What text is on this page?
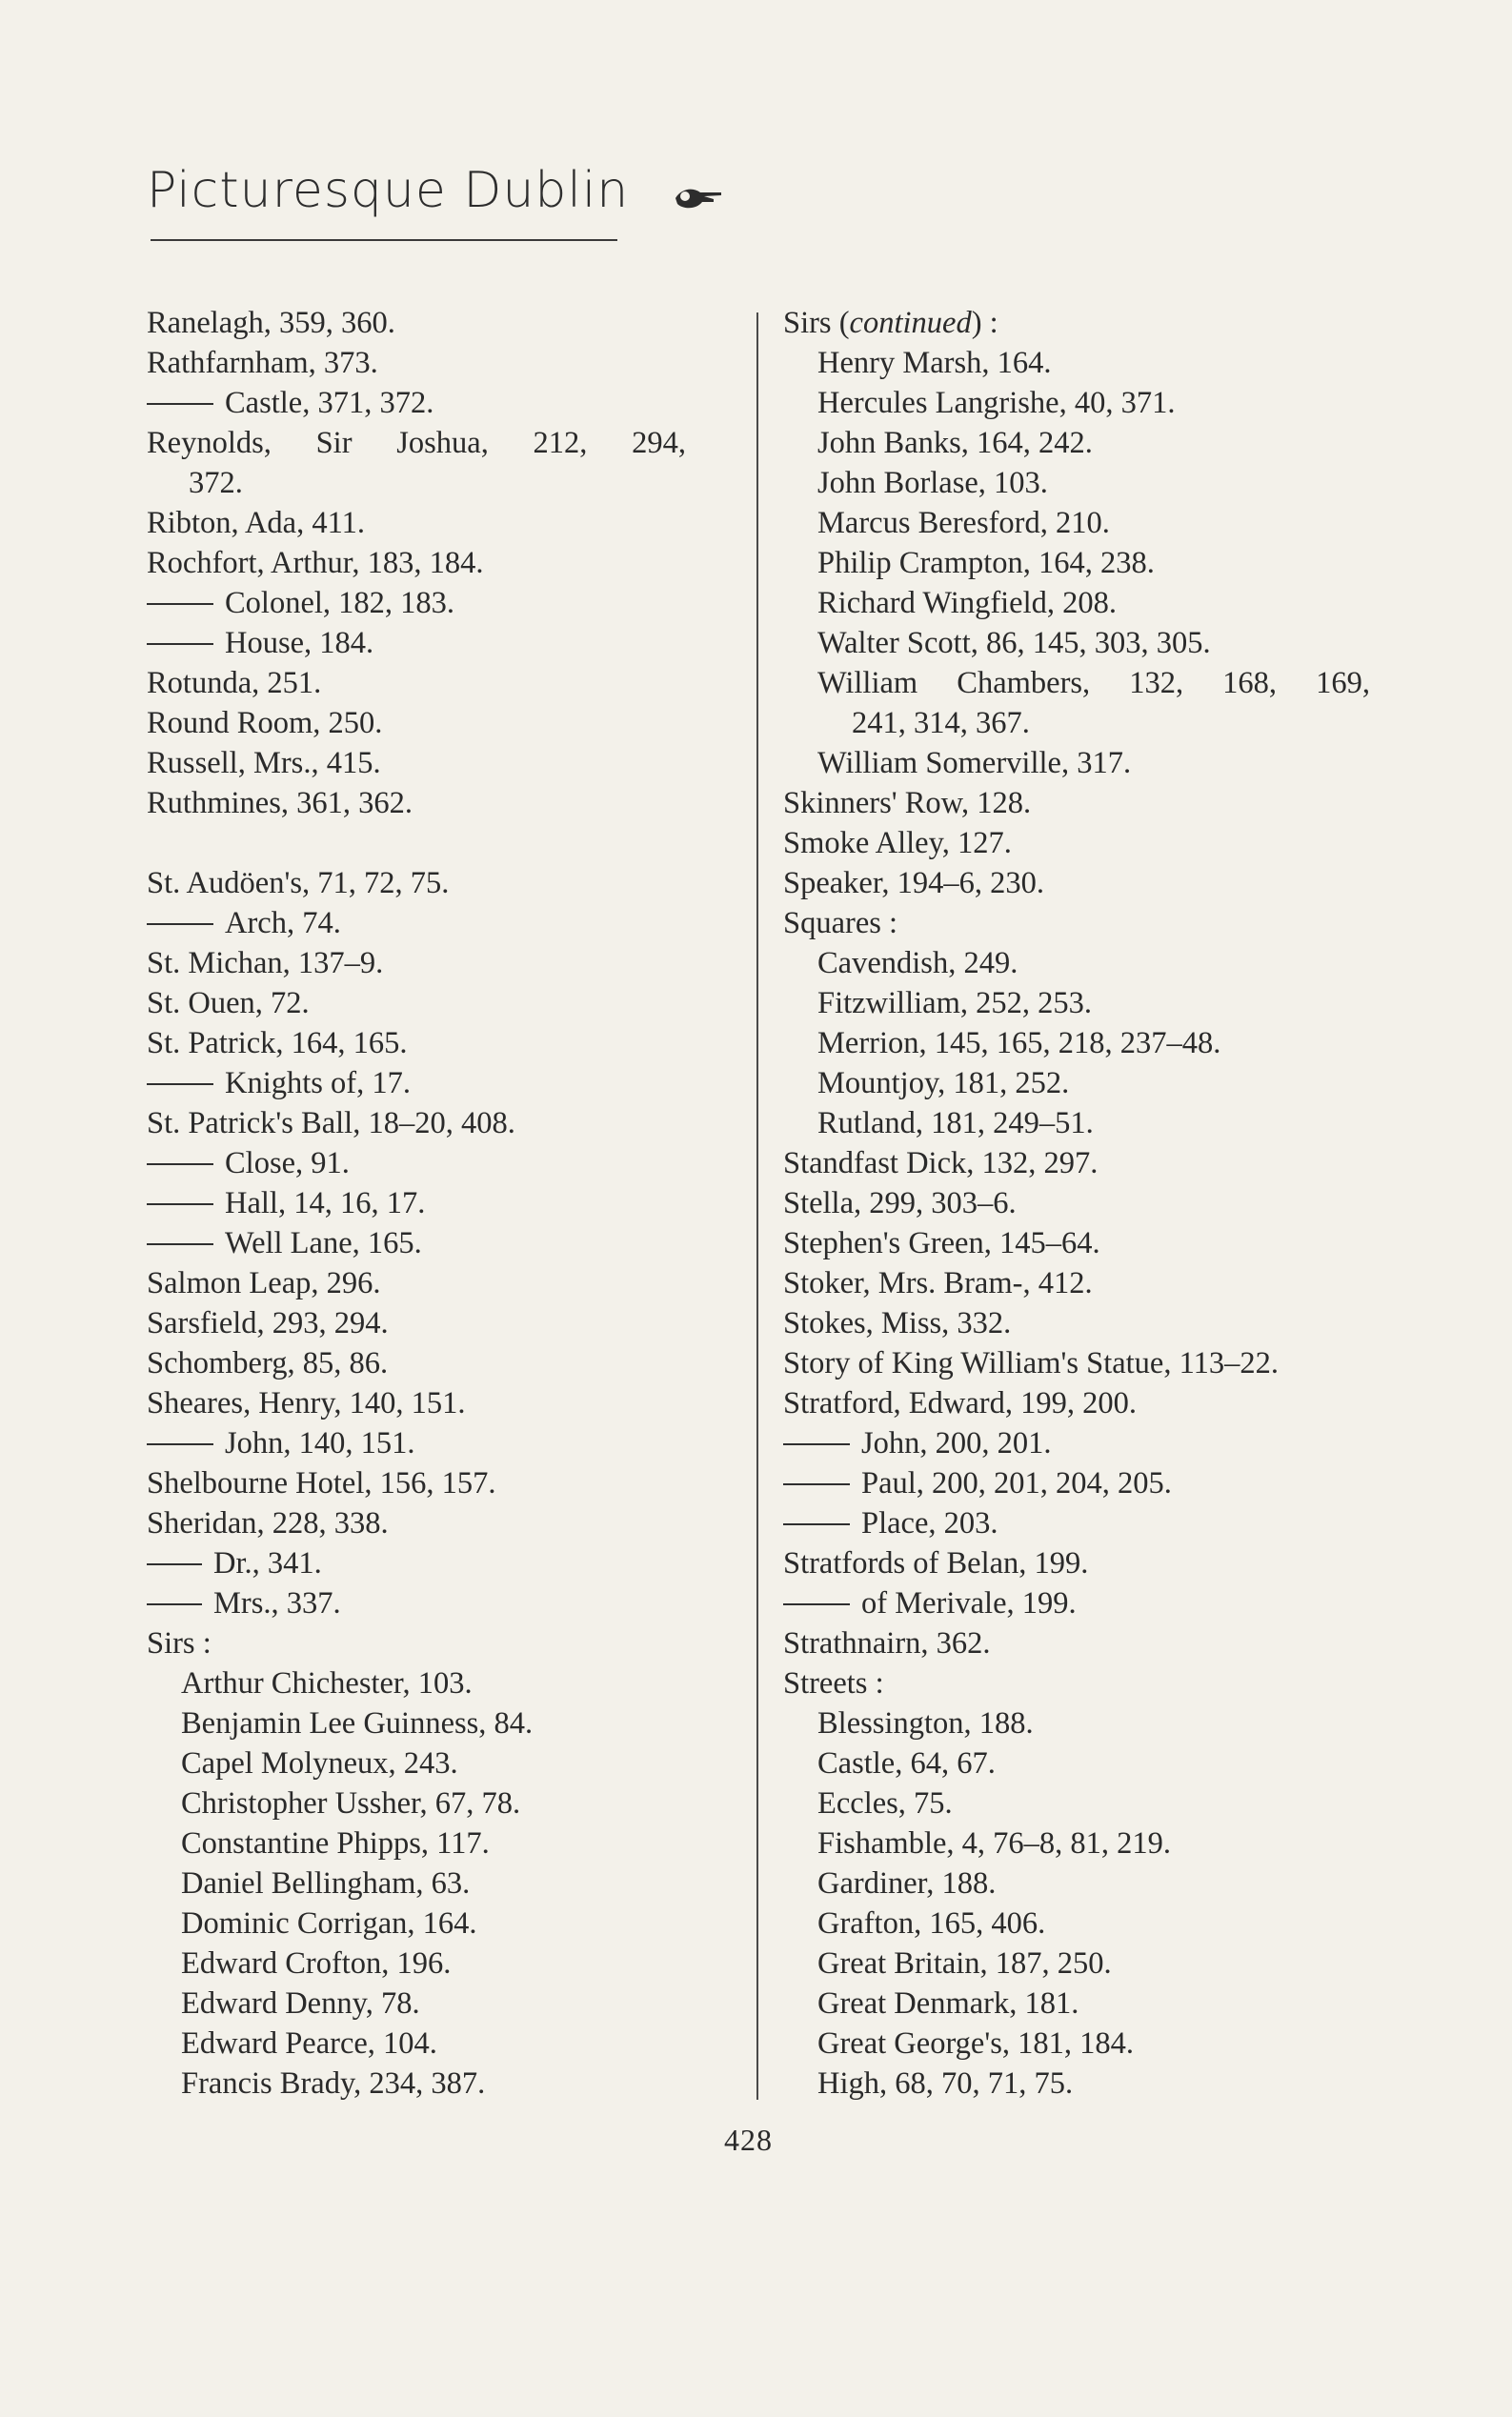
Picturesque Dublin
Ranelagh, 359, 360.
Rathfarnham, 373.
Castle, 371, 372.
Reynolds, Sir Joshua, 212, 294,
372.
Ribton, Ada, 411.
Rochfort, Arthur, 183, 184.
Colonel, 182, 183.
House, 184.
Rotunda, 251.
Round Room, 250.
Russell, Mrs., 415.
Ruthmines, 361, 362.
St. Audöen's, 71, 72, 75.
Arch, 74.
St. Michan, 137–9.
St. Ouen, 72.
St. Patrick, 164, 165.
Knights of, 17.
St. Patrick's Ball, 18–20, 408.
Close, 91.
Hall, 14, 16, 17.
Well Lane, 165.
Salmon Leap, 296.
Sarsfield, 293, 294.
Schomberg, 85, 86.
Sheares, Henry, 140, 151.
John, 140, 151.
Shelbourne Hotel, 156, 157.
Sheridan, 228, 338.
Dr., 341.
Mrs., 337.
Sirs :
Arthur Chichester, 103.
Benjamin Lee Guinness, 84.
Capel Molyneux, 243.
Christopher Ussher, 67, 78.
Constantine Phipps, 117.
Daniel Bellingham, 63.
Dominic Corrigan, 164.
Edward Crofton, 196.
Edward Denny, 78.
Edward Pearce, 104.
Francis Brady, 234, 387.
Sirs (continued) :
Henry Marsh, 164.
Hercules Langrishe, 40, 371.
John Banks, 164, 242.
John Borlase, 103.
Marcus Beresford, 210.
Philip Crampton, 164, 238.
Richard Wingfield, 208.
Walter Scott, 86, 145, 303, 305.
William Chambers, 132, 168, 169,
241, 314, 367.
William Somerville, 317.
Skinners' Row, 128.
Smoke Alley, 127.
Speaker, 194–6, 230.
Squares :
Cavendish, 249.
Fitzwilliam, 252, 253.
Merrion, 145, 165, 218, 237–48.
Mountjoy, 181, 252.
Rutland, 181, 249–51.
Standfast Dick, 132, 297.
Stella, 299, 303–6.
Stephen's Green, 145–64.
Stoker, Mrs. Bram-, 412.
Stokes, Miss, 332.
Story of King William's Statue, 113–22.
Stratford, Edward, 199, 200.
John, 200, 201.
Paul, 200, 201, 204, 205.
Place, 203.
Stratfords of Belan, 199.
of Merivale, 199.
Strathnairn, 362.
Streets :
Blessington, 188.
Castle, 64, 67.
Eccles, 75.
Fishamble, 4, 76–8, 81, 219.
Gardiner, 188.
Grafton, 165, 406.
Great Britain, 187, 250.
Great Denmark, 181.
Great George's, 181, 184.
High, 68, 70, 71, 75.
428
